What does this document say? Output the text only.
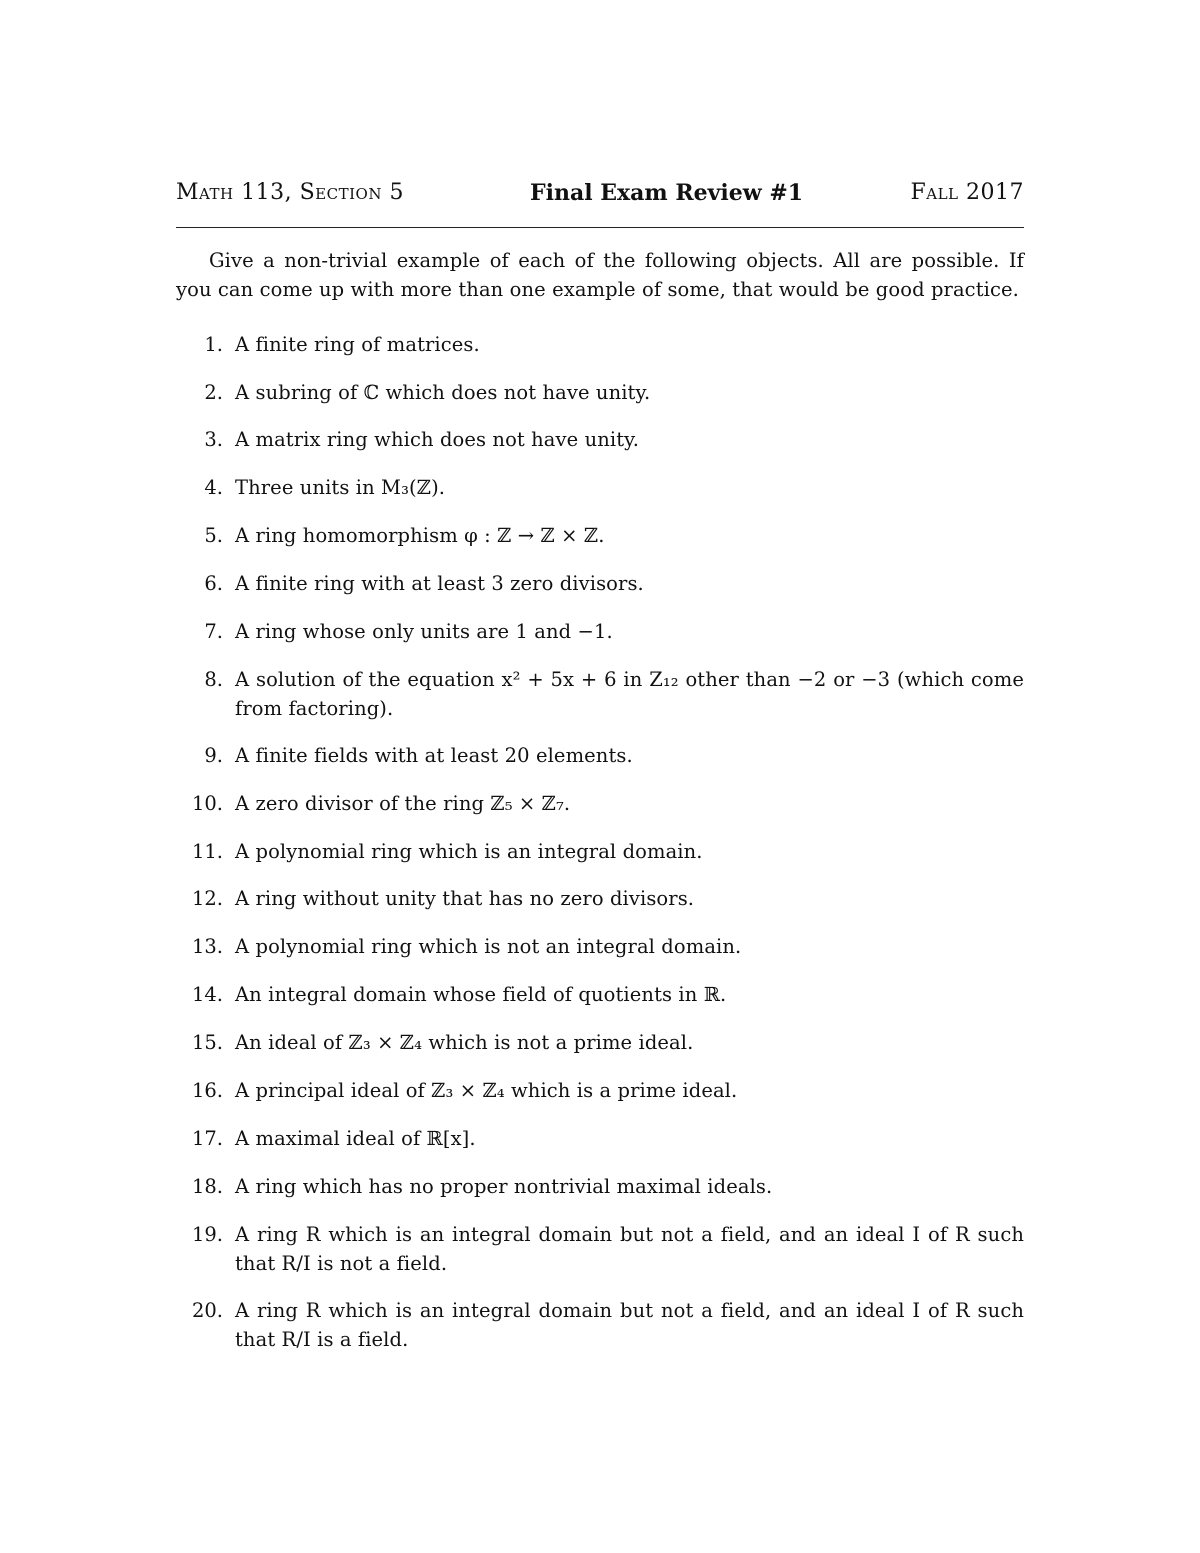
Math 113, Section 5	Final Exam Review #1	Fall 2017

Give a non-trivial example of each of the following objects. All are possible. If you can come up with more than one example of some, that would be good practice.

1. A finite ring of matrices.
2. A subring of ℂ which does not have unity.
3. A matrix ring which does not have unity.
4. Three units in M₃(ℤ).
5. A ring homomorphism φ : ℤ → ℤ × ℤ.
6. A finite ring with at least 3 zero divisors.
7. A ring whose only units are 1 and −1.
8. A solution of the equation x² + 5x + 6 in Z₁₂ other than −2 or −3 (which come from factoring).
9. A finite fields with at least 20 elements.
10. A zero divisor of the ring ℤ₅ × ℤ₇.
11. A polynomial ring which is an integral domain.
12. A ring without unity that has no zero divisors.
13. A polynomial ring which is not an integral domain.
14. An integral domain whose field of quotients in ℝ.
15. An ideal of ℤ₃ × ℤ₄ which is not a prime ideal.
16. A principal ideal of ℤ₃ × ℤ₄ which is a prime ideal.
17. A maximal ideal of ℝ[x].
18. A ring which has no proper nontrivial maximal ideals.
19. A ring R which is an integral domain but not a field, and an ideal I of R such that R/I is not a field.
20. A ring R which is an integral domain but not a field, and an ideal I of R such that R/I is a field.
